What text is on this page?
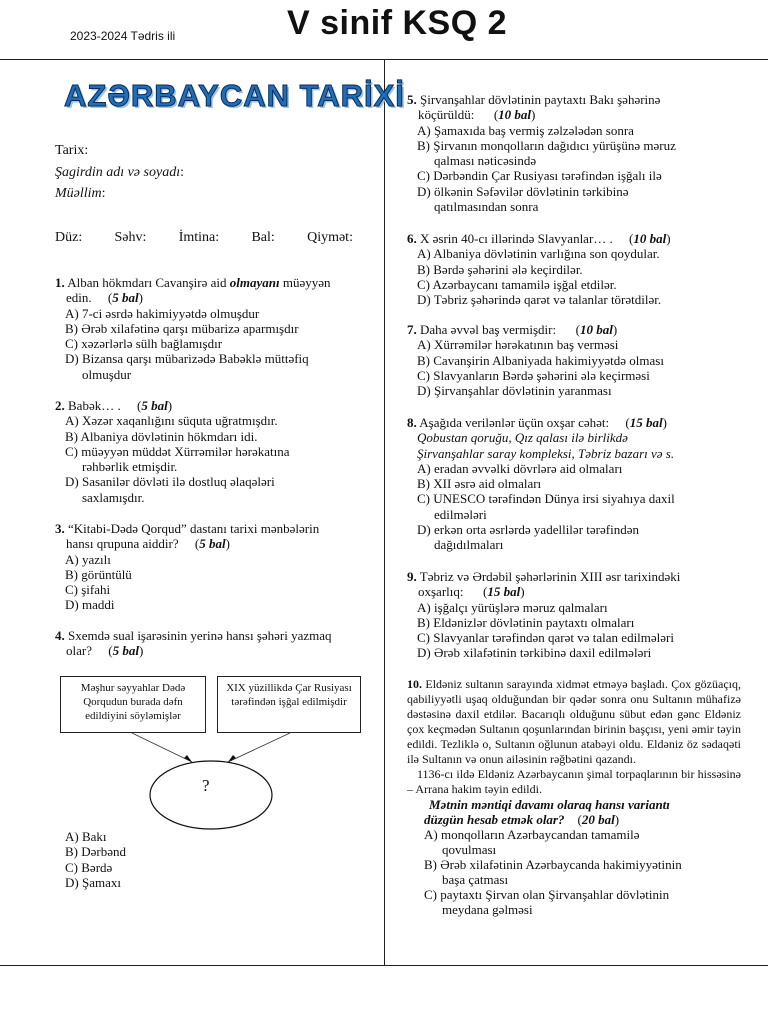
2023-2024 Tədris ili	V sinif KSQ 2
AZƏRBAYCAN TARİXİ
Tarix:
Şagirdin adı və soyadı:
Müəllim:
Düz: Səhv: İmtina: Bal: Qiymət:
1. Alban hökmdarı Cavanşirə aid olmayanı müəyyən
edin.     (5 bal)
A) 7-ci əsrdə hakimiyyətdə olmuşdur
B) Ərəb xilafətinə qarşı mübarizə aparmışdır
C) xəzərlərlə sülh bağlamışdır
D) Bizansa qarşı mübarizədə Babəklə müttəfiq
olmuşdur
2. Babək… .     (5 bal)
A) Xəzər xaqanlığını süquta uğratmışdır.
B) Albaniya dövlətinin hökmdarı idi.
C) müəyyən müddət Xürrəmilər hərəkatına
rəhbərlik etmişdir.
D) Sasanilər dövləti ilə dostluq əlaqələri
saxlamışdır.
3. “Kitabi-Dədə Qorqud” dastanı tarixi mənbələrin
hansı qrupuna aiddir?     (5 bal)
A) yazılı
B) görüntülü
C) şifahi
D) maddi
4. Sxemdə sual işarəsinin yerinə hansı şəhəri yazmaq
olar?     (5 bal)
Məşhur səyyahlar Dədə Qorqudun burada dəfn edildiyini söyləmişlər
XIX yüzillikdə Çar Rusiyası tərəfindən işğal edilmişdir
?
A) Bakı
B) Dərbənd
C) Bərdə
D) Şamaxı
5. Şirvanşahlar dövlətinin paytaxtı Bakı şəhərinə
köçürüldü:      (10 bal)
A) Şamaxıda baş vermiş zəlzələdən sonra
B) Şirvanın monqolların dağıdıcı yürüşünə məruz
qalması nəticəsində
C) Dərbəndin Çar Rusiyası tərəfindən işğalı ilə
D) ölkənin Səfəvilər dövlətinin tərkibinə
qatılmasından sonra
6. X əsrin 40-cı illərində Slavyanlar… .     (10 bal)
A) Albaniya dövlətinin varlığına son qoydular.
B) Bərdə şəhərini ələ keçirdilər.
C) Azərbaycanı tamamilə işğal etdilər.
D) Təbriz şəhərində qarət və talanlar törətdilər.
7. Daha əvvəl baş vermişdir:      (10 bal)
A) Xürrəmilər hərəkatının baş verməsi
B) Cavanşirin Albaniyada hakimiyyətdə olması
C) Slavyanların Bərdə şəhərini ələ keçirməsi
D) Şirvanşahlar dövlətinin yaranması
8. Aşağıda verilənlər üçün oxşar cəhət:     (15 bal)
Qobustan qoruğu, Qız qalası ilə birlikdə
Şirvanşahlar saray kompleksi, Təbriz bazarı və s.
A) eradan əvvəlki dövrlərə aid olmaları
B) XII əsrə aid olmaları
C) UNESCO tərəfindən Dünya irsi siyahıya daxil
edilmələri
D) erkən orta əsrlərdə yadellilər tərəfindən
dağıdılmaları
9. Təbriz və Ərdəbil şəhərlərinin XIII əsr tarixindəki
oxşarlıq:      (15 bal)
A) işğalçı yürüşlərə məruz qalmaları
B) Eldənizlər dövlətinin paytaxtı olmaları
C) Slavyanlar tərəfindən qarət və talan edilmələri
D) Ərəb xilafətinin tərkibinə daxil edilmələri
10. Eldəniz sultanın sarayında xidmət etməyə başladı. Çox gözüaçıq, qabiliyyətli uşaq olduğundan bir qədər sonra onu Sultanın mühafizə dəstəsinə daxil etdilər. Bacarıqlı olduğunu sübut edən gənc Eldəniz çox keçmədən Sultanın qoşunlarından birinin başçısı, yeni əmir təyin edildi. Tezliklə o, Sultanın oğlunun atabəyi oldu. Eldəniz öz sədaqəti ilə Sultanın və onun ailəsinin rəğbətini qazandı.
1136-cı ildə Eldəniz Azərbaycanın şimal torpaqlarının bir hissəsinə – Arrana hakim təyin edildi.
Mətnin məntiqi davamı olaraq hansı variantı
düzgün hesab etmək olar?    (20 bal)
A) monqolların Azərbaycandan tamamilə
qovulması
B) Ərəb xilafətinin Azərbaycanda hakimiyyətinin
başa çatması
C) paytaxtı Şirvan olan Şirvanşahlar dövlətinin
meydana gəlməsi
